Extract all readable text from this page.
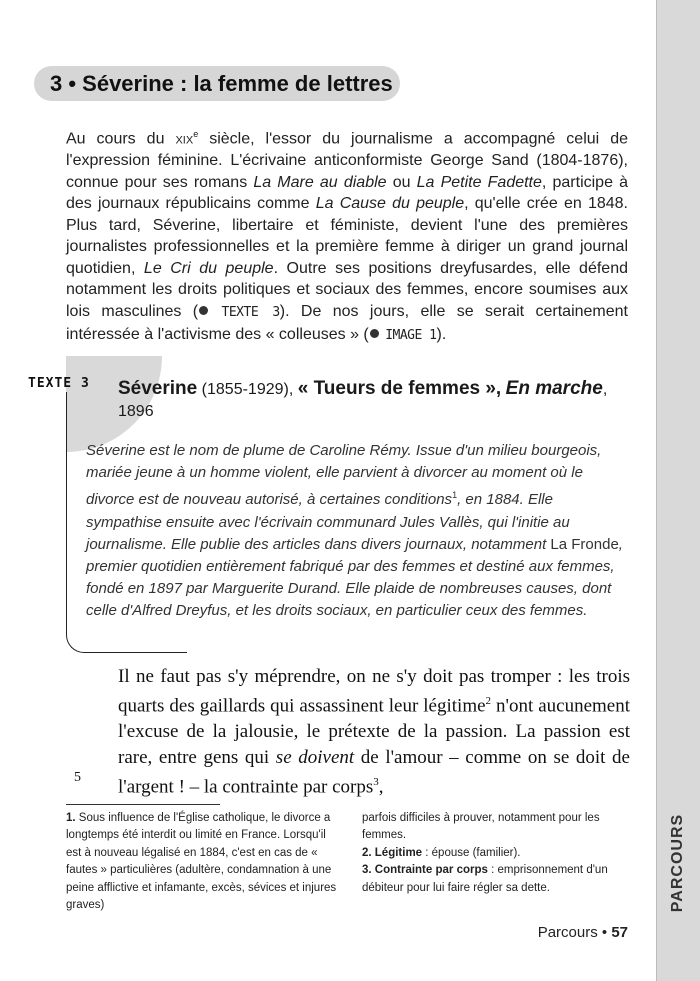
PARCOURS
3 • Séverine : la femme de lettres

Au cours du xix$^e$ siècle, l'essor du journalisme a accompagné celui de l'expression féminine. L'écrivaine anticonformiste George Sand (1804-1876), connue pour ses romans La Mare au diable ou La Petite Fadette, participe à des journaux républicains comme La Cause du peuple, qu'elle crée en 1848. Plus tard, Séverine, libertaire et féministe, devient l'une des premières journalistes professionnelles et la première femme à diriger un grand journal quotidien, Le Cri du peuple. Outre ses positions dreyfusardes, elle défend notamment les droits politiques et sociaux des femmes, encore soumises aux lois masculines ( TEXTE 3). De nos jours, elle se serait certainement intéressée à l'activisme des « colleuses » ( IMAGE 1).

TEXTE 3 Séverine (1855-1929), « Tueurs de femmes », En marche, 1896

Séverine est le nom de plume de Caroline Rémy. Issue d'un milieu bourgeois, mariée jeune à un homme violent, elle parvient à divorcer au moment où le divorce est de nouveau autorisé, à certaines conditions$^1$, en 1884. Elle sympathise ensuite avec l'écrivain communard Jules Vallès, qui l'initie au journalisme. Elle publie des articles dans divers journaux, notamment La Fronde, premier quotidien entièrement fabriqué par des femmes et destiné aux femmes, fondé en 1897 par Marguerite Durand. Elle plaide de nombreuses causes, dont celle d'Alfred Dreyfus, et les droits sociaux, en particulier ceux des femmes.

5

Il ne faut pas s'y méprendre, on ne s'y doit pas tromper : les trois quarts des gaillards qui assassinent leur légitime$^2$ n'ont aucunement l'excuse de la jalousie, le prétexte de la passion. La passion est rare, entre gens qui se doivent de l'amour – comme on se doit de l'argent ! – la contrainte par corps$^3$,

1. Sous influence de l'Église catholique, le divorce a longtemps été interdit ou limité en France. Lorsqu'il est à nouveau légalisé en 1884, c'est en cas de « fautes » particulières (adultère, condamnation à une peine afflictive et infamante, excès, sévices et injures graves)

parfois difficiles à prouver, notamment pour les femmes.

2. Légitime : épouse (familier).

3. Contrainte par corps : emprisonnement d'un débiteur pour lui faire régler sa dette.

Parcours • 57
